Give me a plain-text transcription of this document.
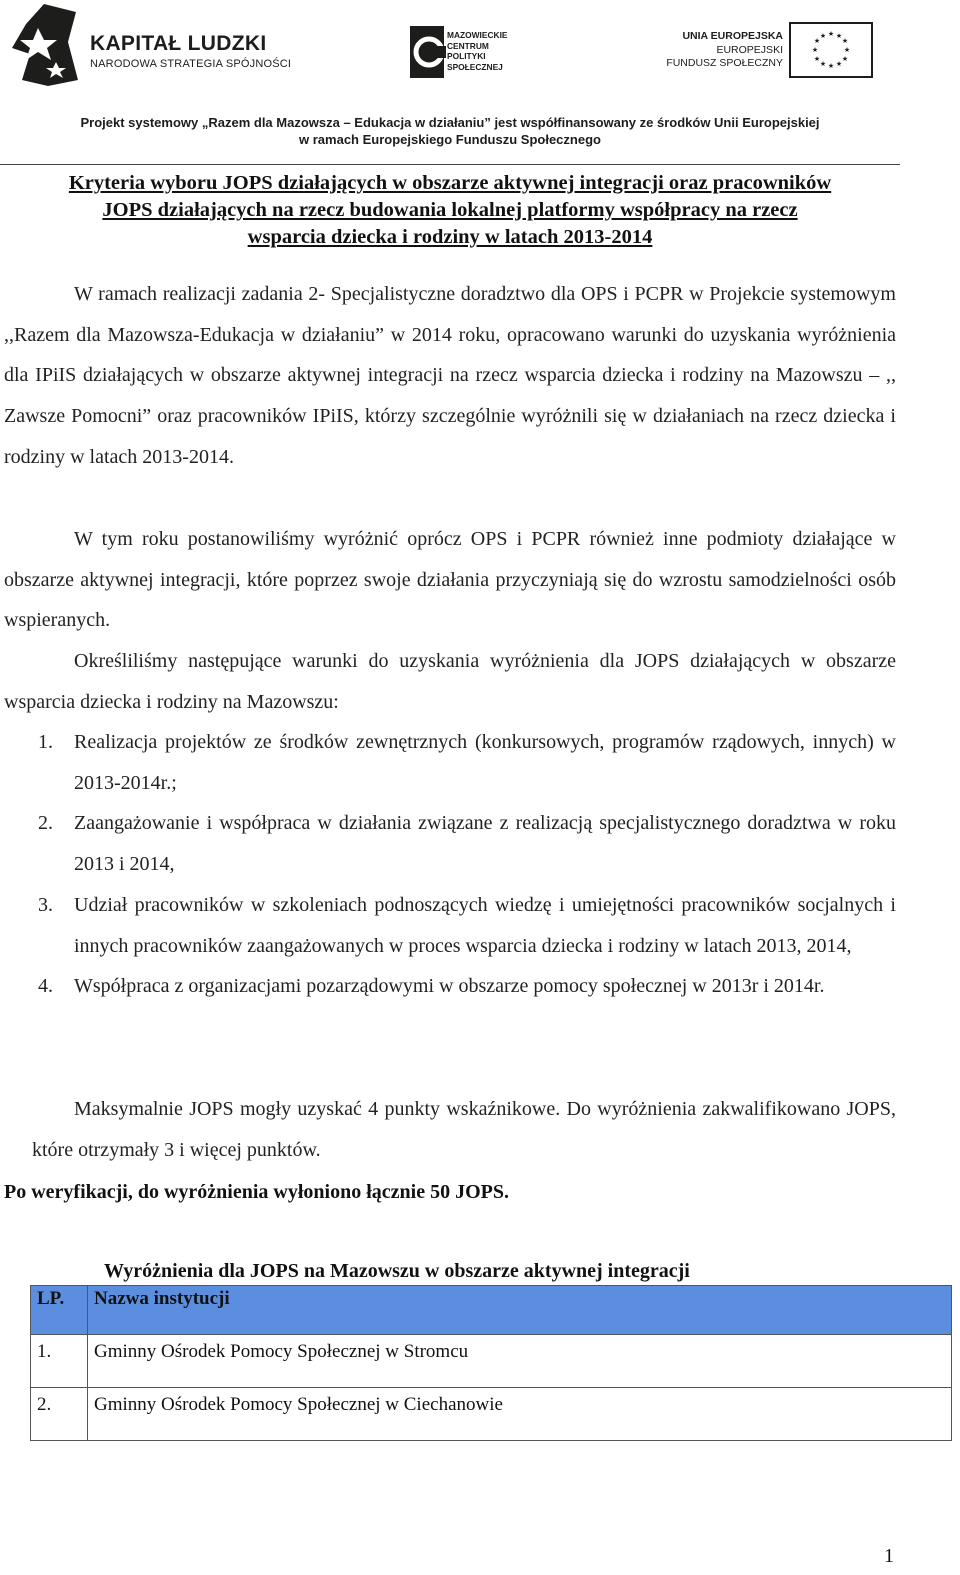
KAPITAŁ LUDZKI
NARODOWA STRATEGIA SPÓJNOŚCI
MAZOWIECKIE
CENTRUM
POLITYKI
SPOŁECZNEJ
UNIA EUROPEJSKA
EUROPEJSKI
FUNDUSZ SPOŁECZNY
★ ★
★
★
★
★
★
★
★
★
★
★
Projekt systemowy „Razem dla Mazowsza – Edukacja w działaniu” jest współfinansowany ze środków Unii Europejskiej
w ramach Europejskiego Funduszu Społecznego
Kryteria wyboru JOPS działających w obszarze aktywnej integracji oraz pracowników
JOPS działających na rzecz budowania lokalnej platformy współpracy na rzecz
wsparcia dziecka i rodziny w latach 2013-2014

W ramach realizacji zadania 2- Specjalistyczne doradztwo dla OPS i PCPR w Projekcie systemowym ,,Razem dla Mazowsza-Edukacja w działaniu” w 2014 roku, opracowano warunki do uzyskania wyróżnienia dla IPiIS działających w obszarze aktywnej integracji na rzecz wsparcia dziecka i rodziny na Mazowszu – ,, Zawsze Pomocni” oraz pracowników IPiIS, którzy szczególnie wyróżnili się w działaniach na rzecz dziecka i rodziny w latach 2013-2014.

W tym roku postanowiliśmy wyróżnić oprócz OPS i PCPR również inne podmioty działające w obszarze aktywnej integracji, które poprzez swoje działania przyczyniają się do wzrostu samodzielności osób wspieranych.

Określiliśmy następujące warunki do uzyskania wyróżnienia dla JOPS działających w obszarze wsparcia dziecka i rodziny na Mazowszu:

1. Realizacja projektów ze środków zewnętrznych (konkursowych, programów rządowych, innych) w 2013-2014r.;
2. Zaangażowanie i współpraca w działania związane z realizacją specjalistycznego doradztwa w roku 2013 i 2014,
3. Udział pracowników w szkoleniach podnoszących wiedzę i umiejętności pracowników socjalnych i innych pracowników zaangażowanych w proces wsparcia dziecka i rodziny w latach 2013, 2014,
4. Współpraca z organizacjami pozarządowymi w obszarze pomocy społecznej w 2013r i 2014r.

Maksymalnie JOPS mogły uzyskać 4 punkty wskaźnikowe. Do wyróżnienia zakwalifikowano JOPS, które otrzymały 3 i więcej punktów.

Po weryfikacji, do wyróżnienia wyłoniono łącznie 50 JOPS.
Wyróżnienia dla JOPS na Mazowszu w obszarze aktywnej integracji
LP.	Nazwa instytucji
1.	Gminny Ośrodek Pomocy Społecznej w Stromcu
2.	Gminny Ośrodek Pomocy Społecznej w Ciechanowie
1
